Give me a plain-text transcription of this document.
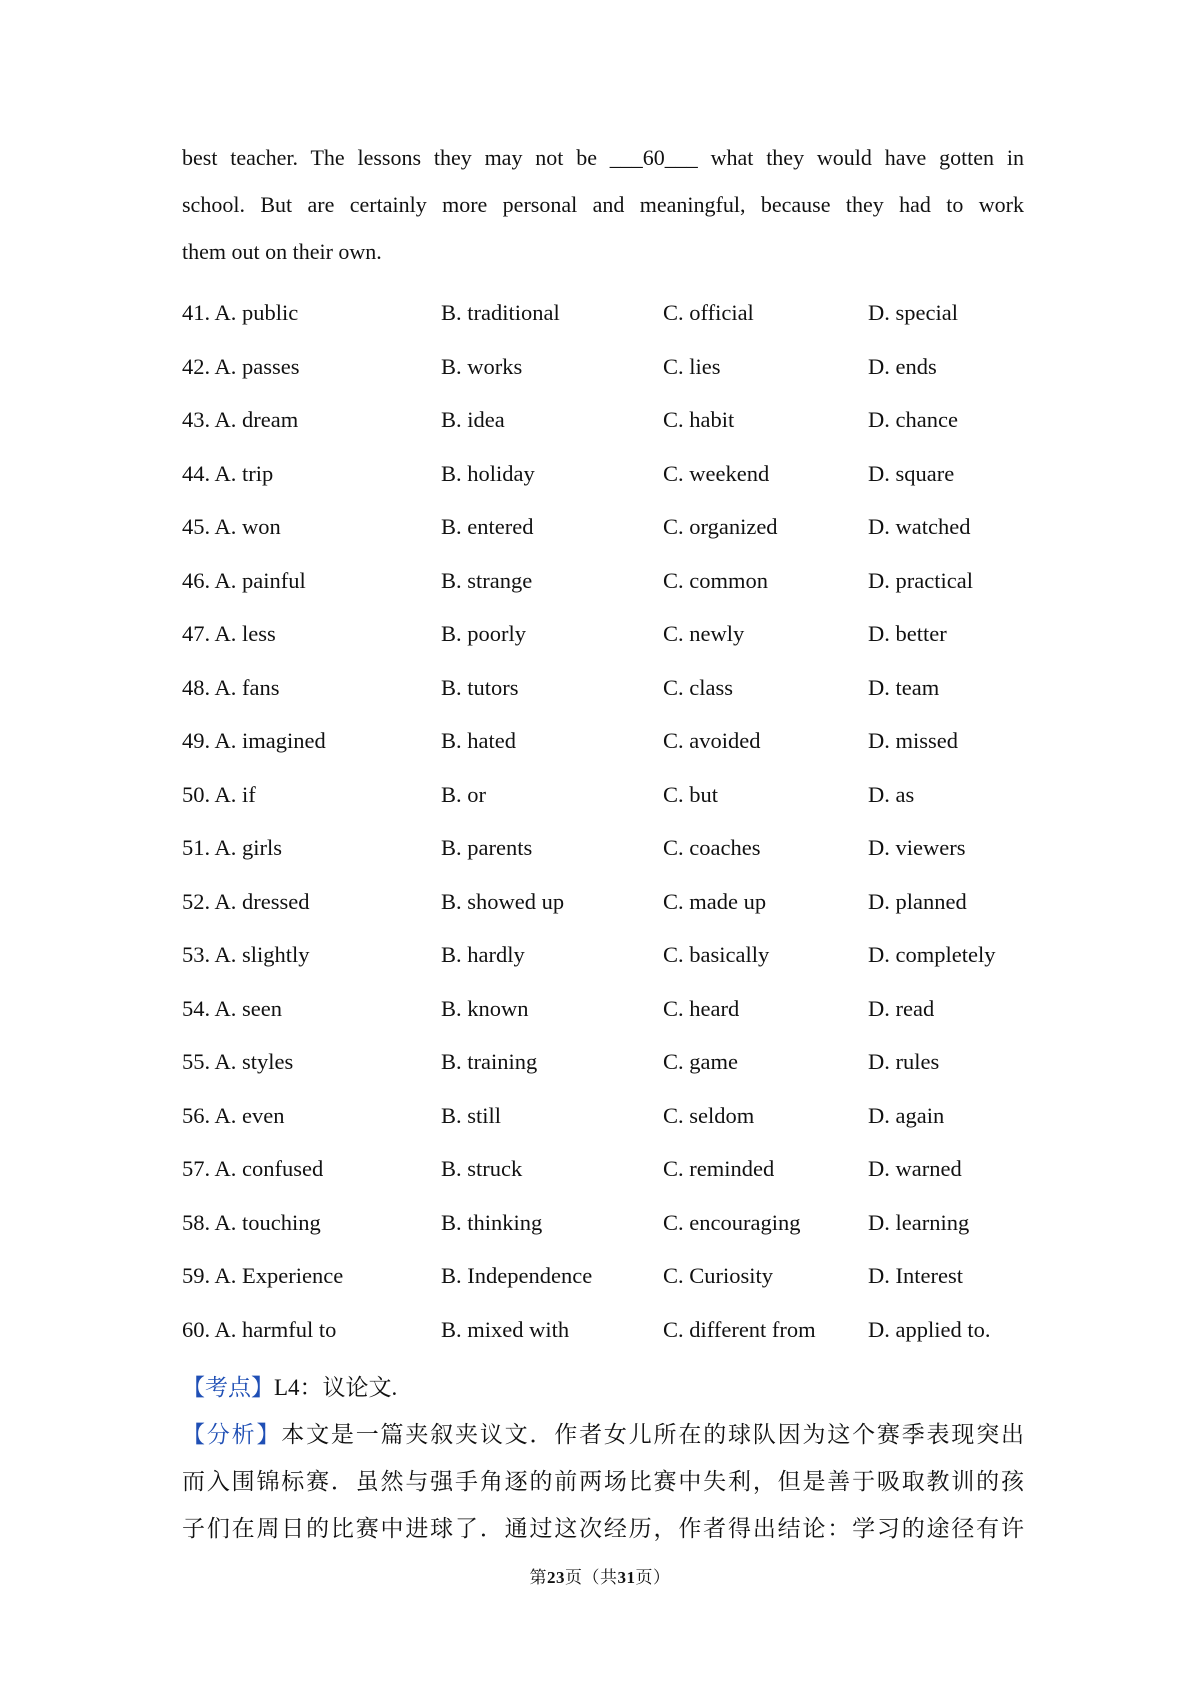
best teacher. The lessons they may not be ___60___ what they would have gotten in
school. But are certainly more personal and meaningful, because they had to work
them out on their own.
41. A. public	B. traditional	C. official	D. special
42. A. passes	B. works	C. lies	D. ends
43. A. dream	B. idea	C. habit	D. chance
44. A. trip	B. holiday	C. weekend	D. square
45. A. won	B. entered	C. organized	D. watched
46. A. painful	B. strange	C. common	D. practical
47. A. less	B. poorly	C. newly	D. better
48. A. fans	B. tutors	C. class	D. team
49. A. imagined	B. hated	C. avoided	D. missed
50. A. if	B. or	C. but	D. as
51. A. girls	B. parents	C. coaches	D. viewers
52. A. dressed	B. showed up	C. made up	D. planned
53. A. slightly	B. hardly	C. basically	D. completely
54. A. seen	B. known	C. heard	D. read
55. A. styles	B. training	C. game	D. rules
56. A. even	B. still	C. seldom	D. again
57. A. confused	B. struck	C. reminded	D. warned
58. A. touching	B. thinking	C. encouraging	D. learning
59. A. Experience	B. Independence	C. Curiosity	D. Interest
60. A. harmful to	B. mixed with	C. different from D. applied to.
【考点】L4：议论文.
【分析】本文是一篇夹叙夹议文．作者女儿所在的球队因为这个赛季表现突出
而入围锦标赛．虽然与强手角逐的前两场比赛中失利，但是善于吸取教训的孩
子们在周日的比赛中进球了．通过这次经历，作者得出结论：学习的途径有许
第23页（共31页）
